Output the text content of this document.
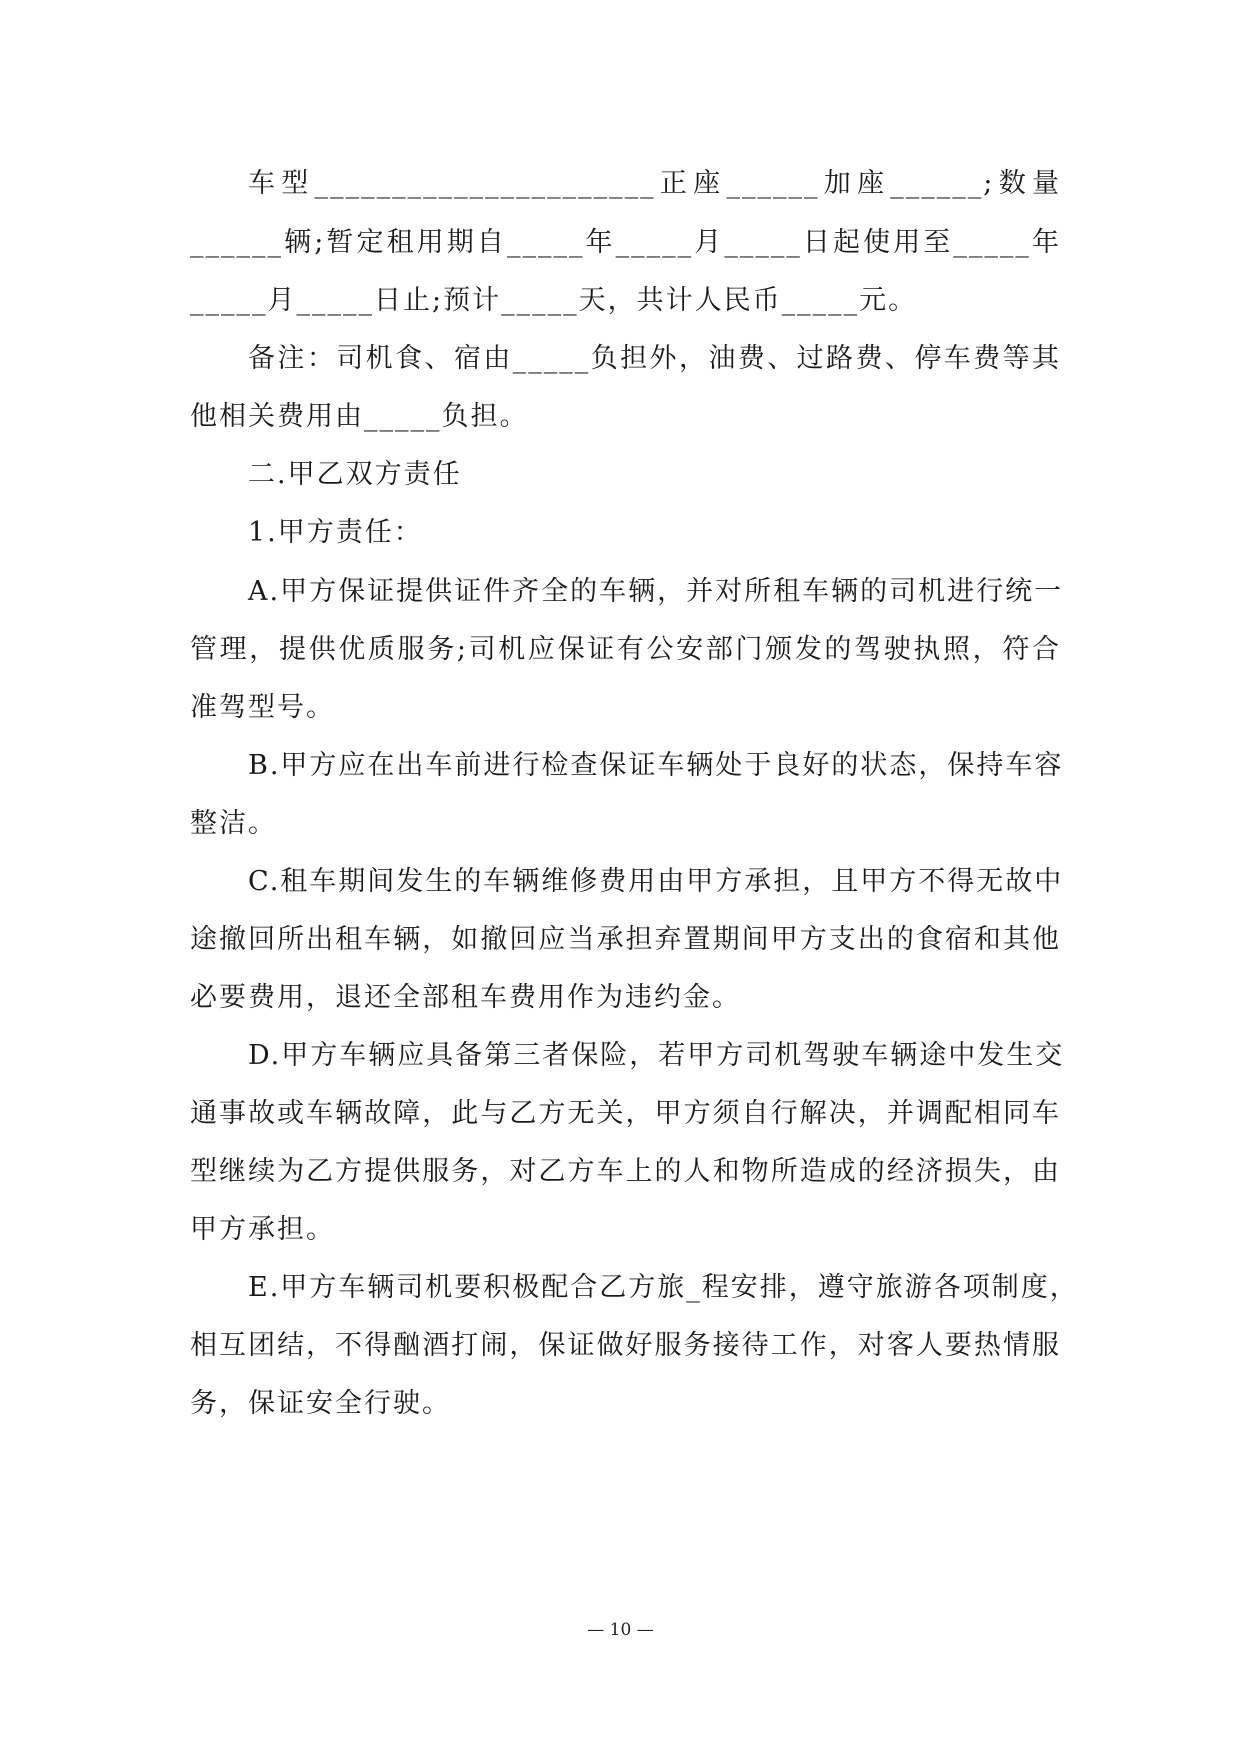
车型______________________正座______加座______;数量
______辆;暂定租用期自_____年_____月_____日起使用至_____年
_____月_____日止;预计_____天，共计人民币_____元。
备注：司机食、宿由_____负担外，油费、过路费、停车费等其
他相关费用由_____负担。
二.甲乙双方责任
1.甲方责任：
A.甲方保证提供证件齐全的车辆，并对所租车辆的司机进行统一
管理，提供优质服务;司机应保证有公安部门颁发的驾驶执照，符合
准驾型号。
B.甲方应在出车前进行检查保证车辆处于良好的状态，保持车容
整洁。
C.租车期间发生的车辆维修费用由甲方承担，且甲方不得无故中
途撤回所出租车辆，如撤回应当承担弃置期间甲方支出的食宿和其他
必要费用，退还全部租车费用作为违约金。
D.甲方车辆应具备第三者保险，若甲方司机驾驶车辆途中发生交
通事故或车辆故障，此与乙方无关，甲方须自行解决，并调配相同车
型继续为乙方提供服务，对乙方车上的人和物所造成的经济损失，由
甲方承担。
E.甲方车辆司机要积极配合乙方旅_程安排，遵守旅游各项制度，
相互团结，不得酗酒打闹，保证做好服务接待工作，对客人要热情服
务，保证安全行驶。
— 10 —
